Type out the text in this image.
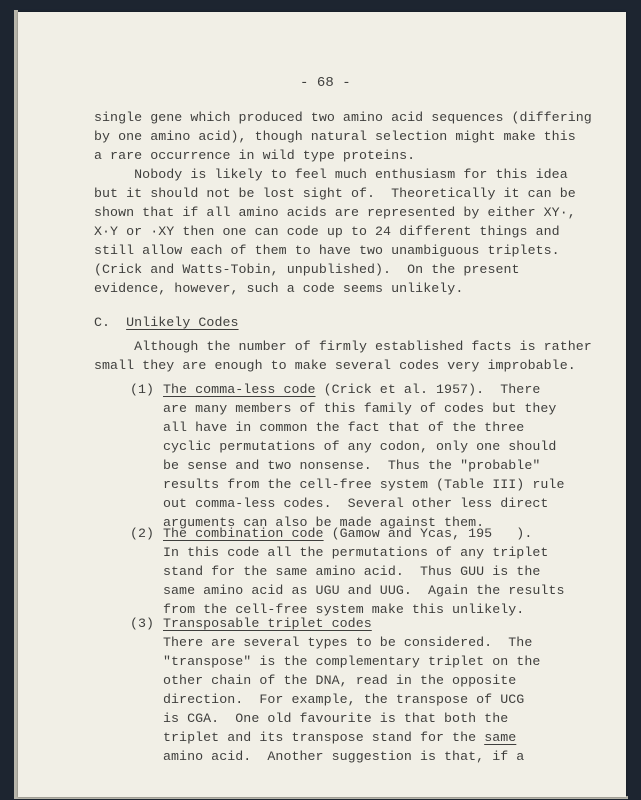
- 68 -
single gene which produced two amino acid sequences (differing
by one amino acid), though natural selection might make this
a rare occurrence in wild type proteins.
Nobody is likely to feel much enthusiasm for this idea
but it should not be lost sight of.  Theoretically it can be
shown that if all amino acids are represented by either XY·,
X·Y or ·XY then one can code up to 24 different things and
still allow each of them to have two unambiguous triplets.
(Crick and Watts-Tobin, unpublished).  On the present
evidence, however, such a code seems unlikely.
C. Unlikely Codes
Although the number of firmly established facts is rather
small they are enough to make several codes very improbable.
(1) The comma-less code (Crick et al. 1957).  There
are many members of this family of codes but they
all have in common the fact that of the three
cyclic permutations of any codon, only one should
be sense and two nonsense.  Thus the "probable"
results from the cell-free system (Table III) rule
out comma-less codes.  Several other less direct
arguments can also be made against them.
(2) The combination code (Gamow and Ycas, 195   ).
In this code all the permutations of any triplet
stand for the same amino acid.  Thus GUU is the
same amino acid as UGU and UUG.  Again the results
from the cell-free system make this unlikely.
(3) Transposable triplet codes
There are several types to be considered.  The
"transpose" is the complementary triplet on the
other chain of the DNA, read in the opposite
direction.  For example, the transpose of UCG
is CGA.  One old favourite is that both the
triplet and its transpose stand for the same
amino acid.  Another suggestion is that, if a
